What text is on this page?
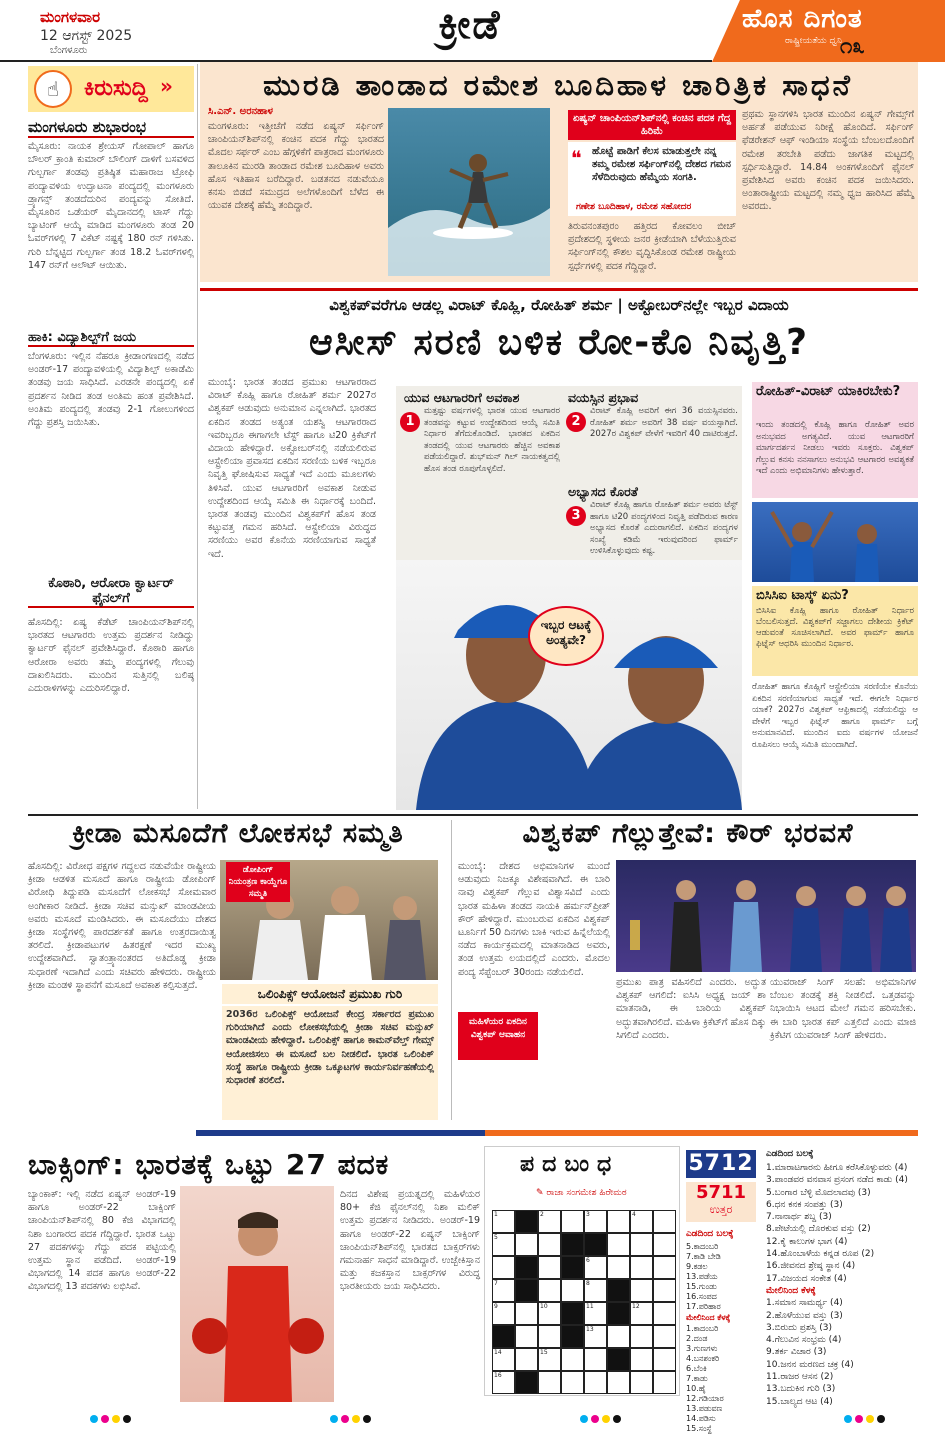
ಮಂಗಳವಾರ
12 ಆಗಸ್ಟ್ 2025
ಬೆಂಗಳೂರು
ಕ್ರೀಡೆ	ಹೊಸ ದಿಗಂತ
ರಾಷ್ಟ್ರೀಯತೆಯ ಧ್ವನಿ
೧೩
☝	ಕಿರುಸುದ್ದಿ »
ಮಂಗಳೂರು ಶುಭಾರಂಭ
ಮೈಸೂರು: ನಾಯಕ ಶ್ರೇಯಸ್ ಗೋಪಾಲ್ ಹಾಗೂ ಬೌಲರ್ ಕ್ರಾಂತಿ ಕುಮಾರ್ ಬೌಲಿಂಗ್ ದಾಳಿಗೆ ಬಸವಳಿದ ಗುಲ್ಬರ್ಗಾ ತಂಡವು ಪ್ರತಿಷ್ಠಿತ ಮಹಾರಾಜ ಟ್ರೋಫಿ ಪಂದ್ಯಾವಳಿಯ ಉದ್ಘಾಟನಾ ಪಂದ್ಯದಲ್ಲಿ ಮಂಗಳೂರು ಡ್ರ್ಯಾಗನ್ಸ್ ತಂಡದೆದುರಿನ ಪಂದ್ಯವನ್ನು ಸೋತಿದೆ. ಮೈಸೂರಿನ ಒಡೆಯರ್ ಮೈದಾನದಲ್ಲಿ ಟಾಸ್ ಗೆದ್ದು ಬ್ಯಾಟಿಂಗ್ ಆಯ್ಕೆ ಮಾಡಿದ ಮಂಗಳೂರು ತಂಡ 20 ಓವರ್‌ಗಳಲ್ಲಿ 7 ವಿಕೆಟ್ ನಷ್ಟಕ್ಕೆ 180 ರನ್ ಗಳಿಸಿತು. ಗುರಿ ಬೆನ್ನಟ್ಟಿದ ಗುಲ್ಬರ್ಗಾ ತಂಡ 18.2 ಓವರ್‌ಗಳಲ್ಲಿ 147 ರನ್‌ಗೆ ಆಲೌಟ್ ಆಯಿತು.
ಹಾಕಿ: ವಿದ್ಯಾಶಿಲ್ಪ್‌ಗೆ ಜಯ
ಬೆಂಗಳೂರು: ಇಲ್ಲಿನ ನೆಹರೂ ಕ್ರೀಡಾಂಗಣದಲ್ಲಿ ನಡೆದ ಅಂಡರ್-17 ಪಂದ್ಯಾವಳಿಯಲ್ಲಿ ವಿದ್ಯಾಶಿಲ್ಪ್ ಅಕಾಡೆಮಿ ತಂಡವು ಜಯ ಸಾಧಿಸಿದೆ. ಎರಡನೇ ಪಂದ್ಯದಲ್ಲಿ ಏಕೆ ಪ್ರದರ್ಶನ ನೀಡಿದ ತಂಡ ಅಂತಿಮ ಹಂತ ಪ್ರವೇಶಿಸಿದೆ. ಅಂತಿಮ ಪಂದ್ಯದಲ್ಲಿ ತಂಡವು 2-1 ಗೋಲುಗಳಿಂದ ಗೆದ್ದು ಪ್ರಶಸ್ತಿ ಜಯಿಸಿತು.
ಕೊಠಾರಿ, ಆರೋರಾ ಕ್ವಾರ್ಟರ್ ಫೈನಲ್‌ಗೆ
ಹೊಸದಿಲ್ಲಿ: ಏಷ್ಯ ಕೆಡೆಟ್ ಚಾಂಪಿಯನ್‌ಶಿಪ್‌ನಲ್ಲಿ ಭಾರತದ ಆಟಗಾರರು ಉತ್ತಮ ಪ್ರದರ್ಶನ ನೀಡಿದ್ದು ಕ್ವಾರ್ಟರ್ ಫೈನಲ್ ಪ್ರವೇಶಿಸಿದ್ದಾರೆ. ಕೊಠಾರಿ ಹಾಗೂ ಆರೋರಾ ಅವರು ತಮ್ಮ ಪಂದ್ಯಗಳಲ್ಲಿ ಗೆಲುವು ದಾಖಲಿಸಿದರು. ಮುಂದಿನ ಸುತ್ತಿನಲ್ಲಿ ಬಲಿಷ್ಠ ಎದುರಾಳಿಗಳನ್ನು ಎದುರಿಸಲಿದ್ದಾರೆ.
ಮುರಡಿ ತಾಂಡಾದ ರಮೇಶ ಬೂದಿಹಾಳ ಚಾರಿತ್ರಿಕ ಸಾಧನೆ
ಸಿ.ಎನ್. ಅರನಹಾಳ
ಮಂಗಳೂರು: ಇತ್ತೀಚೆಗೆ ನಡೆದ ಏಷ್ಯನ್ ಸರ್ಫಿಂಗ್ ಚಾಂಪಿಯನ್‌ಶಿಪ್‌ನಲ್ಲಿ ಕಂಚಿನ ಪದಕ ಗೆದ್ದು ಭಾರತದ ಮೊದಲ ಸರ್ಫರ್ ಎಂಬ ಹೆಗ್ಗಳಿಕೆಗೆ ಪಾತ್ರರಾದ ಮಂಗಳೂರು ತಾಲೂಕಿನ ಮುರಡಿ ತಾಂಡಾದ ರಮೇಶ ಬೂದಿಹಾಳ ಅವರು ಹೊಸ ಇತಿಹಾಸ ಬರೆದಿದ್ದಾರೆ. ಬಡತನದ ನಡುವೆಯೂ ಕನಸು ಬಿಡದೆ ಸಮುದ್ರದ ಅಲೆಗಳೊಂದಿಗೆ ಬೆಳೆದ ಈ ಯುವಕ ದೇಶಕ್ಕೆ ಹೆಮ್ಮೆ ತಂದಿದ್ದಾರೆ.
ಏಷ್ಯನ್ ಚಾಂಪಿಯನ್‌ಶಿಪ್‌ನಲ್ಲಿ ಕಂಚಿನ ಪದಕ ಗೆದ್ದ ಹಿರಿಮೆ
ಹೊಟ್ಟೆ ಪಾಡಿಗೆ ಕೆಲಸ ಮಾಡುತ್ತಲೇ ನನ್ನ ತಮ್ಮ ರಮೇಶ ಸರ್ಫಿಂಗ್‌ನಲ್ಲಿ ದೇಶದ ಗಮನ ಸೆಳೆದಿರುವುದು ಹೆಮ್ಮೆಯ ಸಂಗತಿ.
❝
ಗಣೇಶ ಬೂದಿಹಾಳ, ರಮೇಶ ಸಹೋದರ
ತಿರುವನಂತಪುರಂ ಹತ್ತಿರದ ಕೋವಲಂ ಬೀಚ್ ಪ್ರದೇಶದಲ್ಲಿ ಸ್ಥಳೀಯ ಜನರ ಕ್ರೀಡೆಯಾಗಿ ಬೆಳೆಯುತ್ತಿರುವ ಸರ್ಫಿಂಗ್‌ನಲ್ಲಿ ಕೌಶಲ ವೃದ್ಧಿಸಿಕೊಂಡ ರಮೇಶ ರಾಷ್ಟ್ರೀಯ ಸ್ಪರ್ಧೆಗಳಲ್ಲಿ ಪದಕ ಗೆದ್ದಿದ್ದಾರೆ.
ಪ್ರಥಮ ಸ್ಥಾನಗಳಿಸಿ ಭಾರತ ಮುಂದಿನ ಏಷ್ಯನ್ ಗೇಮ್ಸ್‌ಗೆ ಅರ್ಹತೆ ಪಡೆಯುವ ನಿರೀಕ್ಷೆ ಹೊಂದಿದೆ. ಸರ್ಫಿಂಗ್ ಫೆಡರೇಶನ್ ಆಫ್ ಇಂಡಿಯಾ ಸಂಸ್ಥೆಯ ಬೆಂಬಲದೊಂದಿಗೆ ರಮೇಶ ತರಬೇತಿ ಪಡೆದು ಜಾಗತಿಕ ಮಟ್ಟದಲ್ಲಿ ಸ್ಪರ್ಧಿಸುತ್ತಿದ್ದಾರೆ. 14.84 ಅಂಕಗಳೊಂದಿಗೆ ಫೈನಲ್ ಪ್ರವೇಶಿಸಿದ ಅವರು ಕಂಚಿನ ಪದಕ ಜಯಿಸಿದರು. ಅಂತಾರಾಷ್ಟ್ರೀಯ ಮಟ್ಟದಲ್ಲಿ ನಮ್ಮ ಧ್ವಜ ಹಾರಿಸಿದ ಹೆಮ್ಮೆ ಅವರದು.
ವಿಶ್ವಕಪ್‌ವರೆಗೂ ಆಡಲ್ಲ ವಿರಾಟ್ ಕೊಹ್ಲಿ, ರೋಹಿತ್ ಶರ್ಮ | ಅಕ್ಟೋಬರ್‌ನಲ್ಲೇ ಇಬ್ಬರ ವಿದಾಯ
ಆಸೀಸ್ ಸರಣಿ ಬಳಿಕ ರೋ-ಕೊ ನಿವೃತ್ತಿ?
ಮುಂಬೈ: ಭಾರತ ತಂಡದ ಪ್ರಮುಖ ಆಟಗಾರರಾದ ವಿರಾಟ್ ಕೊಹ್ಲಿ ಹಾಗೂ ರೋಹಿತ್ ಶರ್ಮ 2027ರ ವಿಶ್ವಕಪ್ ಆಡುವುದು ಅನುಮಾನ ಎನ್ನಲಾಗಿದೆ. ಭಾರತದ ಏಕದಿನ ತಂಡದ ಅತ್ಯಂತ ಯಶಸ್ವಿ ಆಟಗಾರರಾದ ಇವರಿಬ್ಬರೂ ಈಗಾಗಲೇ ಟೆಸ್ಟ್ ಹಾಗೂ ಟಿ20 ಕ್ರಿಕೆಟ್‌ಗೆ ವಿದಾಯ ಹೇಳಿದ್ದಾರೆ. ಅಕ್ಟೋಬರ್‌ನಲ್ಲಿ ನಡೆಯಲಿರುವ ಆಸ್ಟ್ರೇಲಿಯಾ ಪ್ರವಾಸದ ಏಕದಿನ ಸರಣಿಯ ಬಳಿಕ ಇಬ್ಬರೂ ನಿವೃತ್ತಿ ಘೋಷಿಸುವ ಸಾಧ್ಯತೆ ಇದೆ ಎಂದು ಮೂಲಗಳು ತಿಳಿಸಿವೆ. ಯುವ ಆಟಗಾರರಿಗೆ ಅವಕಾಶ ನೀಡುವ ಉದ್ದೇಶದಿಂದ ಆಯ್ಕೆ ಸಮಿತಿ ಈ ನಿರ್ಧಾರಕ್ಕೆ ಬಂದಿದೆ. ಭಾರತ ತಂಡವು ಮುಂದಿನ ವಿಶ್ವಕಪ್‌ಗೆ ಹೊಸ ತಂಡ ಕಟ್ಟುವತ್ತ ಗಮನ ಹರಿಸಿದೆ. ಆಸ್ಟ್ರೇಲಿಯಾ ವಿರುದ್ಧದ ಸರಣಿಯು ಅವರ ಕೊನೆಯ ಸರಣಿಯಾಗುವ ಸಾಧ್ಯತೆ ಇದೆ.
ಯುವ ಆಟಗಾರರಿಗೆ ಅವಕಾಶ
1
ಮತ್ತಷ್ಟು ವರ್ಷಗಳಲ್ಲಿ ಭಾರತ ಯುವ ಆಟಗಾರರ ತಂಡವನ್ನು ಕಟ್ಟುವ ಉದ್ದೇಶದಿಂದ ಆಯ್ಕೆ ಸಮಿತಿ ನಿರ್ಧಾರ ತೆಗೆದುಕೊಂಡಿದೆ. ಭಾರತದ ಏಕದಿನ ತಂಡದಲ್ಲಿ ಯುವ ಆಟಗಾರರು ಹೆಚ್ಚಿನ ಅವಕಾಶ ಪಡೆಯಲಿದ್ದಾರೆ. ಶುಭ್‌ಮನ್ ಗಿಲ್ ನಾಯಕತ್ವದಲ್ಲಿ ಹೊಸ ತಂಡ ರೂಪುಗೊಳ್ಳಲಿದೆ.
ವಯಸ್ಸಿನ ಪ್ರಭಾವ
2
ವಿರಾಟ್ ಕೊಹ್ಲಿ ಅವರಿಗೆ ಈಗ 36 ವಯಸ್ಸಿನವರು. ರೋಹಿತ್ ಶರ್ಮ ಅವರಿಗೆ 38 ವರ್ಷ ವಯಸ್ಸಾಗಿದೆ. 2027ರ ವಿಶ್ವಕಪ್ ವೇಳೆಗೆ ಇವರಿಗೆ 40 ದಾಟಿರುತ್ತದೆ.
ಅಭ್ಯಾಸದ ಕೊರತೆ
3
ವಿರಾಟ್ ಕೊಹ್ಲಿ ಹಾಗೂ ರೋಹಿತ್ ಶರ್ಮ ಅವರು ಟೆಸ್ಟ್ ಹಾಗೂ ಟಿ20 ಪಂದ್ಯಗಳಿಂದ ನಿವೃತ್ತಿ ಪಡೆದಿರುವ ಕಾರಣ ಅಭ್ಯಾಸದ ಕೊರತೆ ಎದುರಾಗಲಿದೆ. ಏಕದಿನ ಪಂದ್ಯಗಳ ಸಂಖ್ಯೆ ಕಡಿಮೆ ಇರುವುದರಿಂದ ಫಾರ್ಮ್ ಉಳಿಸಿಕೊಳ್ಳುವುದು ಕಷ್ಟ.
ಇಬ್ಬರ ಆಟಕ್ಕೆ ಅಂತ್ಯವೇ?
ರೋಹಿತ್-ವಿರಾಟ್ ಯಾಕಿರಬೇಕು?
ಇಂದು ತಂಡದಲ್ಲಿ ಕೊಹ್ಲಿ ಹಾಗೂ ರೋಹಿತ್ ಅವರ ಅನುಭವದ ಅಗತ್ಯವಿದೆ. ಯುವ ಆಟಗಾರರಿಗೆ ಮಾರ್ಗದರ್ಶನ ನೀಡಲು ಇವರು ಸೂಕ್ತರು. ವಿಶ್ವಕಪ್ ಗೆಲ್ಲುವ ಕನಸು ನನಸಾಗಲು ಅನುಭವಿ ಆಟಗಾರರ ಅವಶ್ಯಕತೆ ಇದೆ ಎಂದು ಅಭಿಮಾನಿಗಳು ಹೇಳುತ್ತಾರೆ.
ಬಿಸಿಸಿಐ ಟಾಸ್ಕ್ ಏನು?
ಬಿಸಿಸಿಐ ಕೊಹ್ಲಿ ಹಾಗೂ ರೋಹಿತ್ ನಿರ್ಧಾರ ಬೆಂಬಲಿಸುತ್ತದೆ. ವಿಶ್ವಕಪ್‌ಗೆ ಸಜ್ಜಾಗಲು ದೇಶೀಯ ಕ್ರಿಕೆಟ್ ಆಡುವಂತೆ ಸೂಚಿಸಲಾಗಿದೆ. ಅವರ ಫಾರ್ಮ್ ಹಾಗೂ ಫಿಟ್ನೆಸ್ ಆಧರಿಸಿ ಮುಂದಿನ ನಿರ್ಧಾರ.
ರೋಹಿತ್ ಹಾಗೂ ಕೊಹ್ಲಿಗೆ ಆಸ್ಟ್ರೇಲಿಯಾ ಸರಣಿಯೇ ಕೊನೆಯ ಏಕದಿನ ಸರಣಿಯಾಗುವ ಸಾಧ್ಯತೆ ಇದೆ. ಈಗಲೇ ನಿರ್ಧಾರ ಯಾಕೆ? 2027ರ ವಿಶ್ವಕಪ್ ಆಫ್ರಿಕಾದಲ್ಲಿ ನಡೆಯಲಿದ್ದು ಆ ವೇಳೆಗೆ ಇಬ್ಬರ ಫಿಟ್ನೆಸ್ ಹಾಗೂ ಫಾರ್ಮ್ ಬಗ್ಗೆ ಅನುಮಾನವಿದೆ. ಮುಂದಿನ ಐದು ವರ್ಷಗಳ ಯೋಜನೆ ರೂಪಿಸಲು ಆಯ್ಕೆ ಸಮಿತಿ ಮುಂದಾಗಿದೆ.
ಕ್ರೀಡಾ ಮಸೂದೆಗೆ ಲೋಕಸಭೆ ಸಮ್ಮತಿ
ಹೊಸದಿಲ್ಲಿ: ವಿರೋಧ ಪಕ್ಷಗಳ ಗದ್ದಲದ ನಡುವೆಯೇ ರಾಷ್ಟ್ರೀಯ ಕ್ರೀಡಾ ಆಡಳಿತ ಮಸೂದೆ ಹಾಗೂ ರಾಷ್ಟ್ರೀಯ ಡೋಪಿಂಗ್ ವಿರೋಧಿ ತಿದ್ದುಪಡಿ ಮಸೂದೆಗೆ ಲೋಕಸಭೆ ಸೋಮವಾರ ಅಂಗೀಕಾರ ನೀಡಿದೆ. ಕ್ರೀಡಾ ಸಚಿವ ಮನ್ಸುಖ್ ಮಾಂಡವೀಯ ಅವರು ಮಸೂದೆ ಮಂಡಿಸಿದರು. ಈ ಮಸೂದೆಯು ದೇಶದ ಕ್ರೀಡಾ ಸಂಸ್ಥೆಗಳಲ್ಲಿ ಪಾರದರ್ಶಕತೆ ಹಾಗೂ ಉತ್ತರದಾಯಿತ್ವ ತರಲಿದೆ. ಕ್ರೀಡಾಪಟುಗಳ ಹಿತರಕ್ಷಣೆ ಇದರ ಮುಖ್ಯ ಉದ್ದೇಶವಾಗಿದೆ. ಸ್ವಾತಂತ್ರ್ಯಾನಂತರದ ಅತಿದೊಡ್ಡ ಕ್ರೀಡಾ ಸುಧಾರಣೆ ಇದಾಗಿದೆ ಎಂದು ಸಚಿವರು ಹೇಳಿದರು. ರಾಷ್ಟ್ರೀಯ ಕ್ರೀಡಾ ಮಂಡಳಿ ಸ್ಥಾಪನೆಗೆ ಮಸೂದೆ ಅವಕಾಶ ಕಲ್ಪಿಸುತ್ತದೆ.
ಡೋಪಿಂಗ್ ನಿಯಂತ್ರಣ ಕಾಯ್ದೆಗೂ ಸಮ್ಮತಿ
ಒಲಿಂಪಿಕ್ಸ್ ಆಯೋಜನೆ ಪ್ರಮುಖ ಗುರಿ
2036ರ ಒಲಿಂಪಿಕ್ಸ್ ಆಯೋಜನೆ ಕೇಂದ್ರ ಸರ್ಕಾರದ ಪ್ರಮುಖ ಗುರಿಯಾಗಿದೆ ಎಂದು ಲೋಕಸಭೆಯಲ್ಲಿ ಕ್ರೀಡಾ ಸಚಿವ ಮನ್ಸುಖ್ ಮಾಂಡವೀಯ ಹೇಳಿದ್ದಾರೆ. ಒಲಿಂಪಿಕ್ಸ್ ಹಾಗೂ ಕಾಮನ್‌ವೆಲ್ತ್ ಗೇಮ್ಸ್ ಆಯೋಜಿಸಲು ಈ ಮಸೂದೆ ಬಲ ನೀಡಲಿದೆ. ಭಾರತ ಒಲಿಂಪಿಕ್ ಸಂಸ್ಥೆ ಹಾಗೂ ರಾಷ್ಟ್ರೀಯ ಕ್ರೀಡಾ ಒಕ್ಕೂಟಗಳ ಕಾರ್ಯನಿರ್ವಹಣೆಯಲ್ಲಿ ಸುಧಾರಣೆ ತರಲಿದೆ.
ವಿಶ್ವಕಪ್ ಗೆಲ್ಲುತ್ತೇವೆ: ಕೌರ್ ಭರವಸೆ
ಮುಂಬೈ: ದೇಶದ ಅಭಿಮಾನಿಗಳ ಮುಂದೆ ಆಡುವುದು ನಿಜಕ್ಕೂ ವಿಶೇಷವಾಗಿದೆ. ಈ ಬಾರಿ ನಾವು ವಿಶ್ವಕಪ್ ಗೆಲ್ಲುವ ವಿಶ್ವಾಸವಿದೆ ಎಂದು ಭಾರತ ಮಹಿಳಾ ತಂಡದ ನಾಯಕಿ ಹರ್ಮನ್‌ಪ್ರೀತ್ ಕೌರ್ ಹೇಳಿದ್ದಾರೆ. ಮುಂಬರುವ ಏಕದಿನ ವಿಶ್ವಕಪ್ ಟೂರ್ನಿಗೆ 50 ದಿನಗಳು ಬಾಕಿ ಇರುವ ಹಿನ್ನೆಲೆಯಲ್ಲಿ ನಡೆದ ಕಾರ್ಯಕ್ರಮದಲ್ಲಿ ಮಾತನಾಡಿದ ಅವರು, ತಂಡ ಉತ್ತಮ ಲಯದಲ್ಲಿದೆ ಎಂದರು. ಮೊದಲ ಪಂದ್ಯ ಸೆಪ್ಟೆಂಬರ್ 30ರಂದು ನಡೆಯಲಿದೆ.
ಪ್ರಮುಖ ಪಾತ್ರ ವಹಿಸಲಿದೆ ಎಂದರು. ಅದ್ಭುತ ವಿಶ್ವಕಪ್ ಆಗಲಿದೆ: ಐಸಿಸಿ ಅಧ್ಯಕ್ಷ ಜಯ್ ಶಾ ಮಾತನಾಡಿ, ಈ ಬಾರಿಯ ವಿಶ್ವಕಪ್ ಅದ್ಭುತವಾಗಿರಲಿದೆ. ಮಹಿಳಾ ಕ್ರಿಕೆಟ್‌ಗೆ ಹೊಸ ದಿಕ್ಕು ಸಿಗಲಿದೆ ಎಂದರು.
ಮಹಿಳೆಯರ ಏಕದಿನ ವಿಶ್ವಕಪ್ ಆವಾಹನ
ಯುವರಾಜ್ ಸಿಂಗ್ ಸಲಹೆ: ಅಭಿಮಾನಿಗಳ ಬೆಂಬಲ ತಂಡಕ್ಕೆ ಶಕ್ತಿ ನೀಡಲಿದೆ. ಒತ್ತಡವನ್ನು ನಿಭಾಯಿಸಿ ಆಟದ ಮೇಲೆ ಗಮನ ಹರಿಸಬೇಕು. ಈ ಬಾರಿ ಭಾರತ ಕಪ್ ಎತ್ತಲಿದೆ ಎಂದು ಮಾಜಿ ಕ್ರಿಕೆಟಿಗ ಯುವರಾಜ್ ಸಿಂಗ್ ಹೇಳಿದರು.
ಬಾಕ್ಸಿಂಗ್: ಭಾರತಕ್ಕೆ ಒಟ್ಟು 27 ಪದಕ
ಬ್ಯಾಂಕಾಕ್: ಇಲ್ಲಿ ನಡೆದ ಏಷ್ಯನ್ ಅಂಡರ್-19 ಹಾಗೂ ಅಂಡರ್-22 ಬಾಕ್ಸಿಂಗ್ ಚಾಂಪಿಯನ್‌ಶಿಪ್‌ನಲ್ಲಿ 80 ಕೆಜಿ ವಿಭಾಗದಲ್ಲಿ ನಿಶಾ ಬಂಗಾರದ ಪದಕ ಗೆದ್ದಿದ್ದಾರೆ. ಭಾರತ ಒಟ್ಟು 27 ಪದಕಗಳನ್ನು ಗೆದ್ದು ಪದಕ ಪಟ್ಟಿಯಲ್ಲಿ ಉತ್ತಮ ಸ್ಥಾನ ಪಡೆದಿದೆ. ಅಂಡರ್-19 ವಿಭಾಗದಲ್ಲಿ 14 ಪದಕ ಹಾಗೂ ಅಂಡರ್-22 ವಿಭಾಗದಲ್ಲಿ 13 ಪದಕಗಳು ಲಭಿಸಿವೆ.
ದಿನದ ವಿಶೇಷ ಪ್ರಯತ್ನದಲ್ಲಿ ಮಹಿಳೆಯರ 80+ ಕೆಜಿ ಫೈನಲ್‌ನಲ್ಲಿ ನಿಶಾ ಮಲಿಕ್ ಉತ್ತಮ ಪ್ರದರ್ಶನ ನೀಡಿದರು. ಅಂಡರ್-19 ಹಾಗೂ ಅಂಡರ್-22 ಏಷ್ಯನ್ ಬಾಕ್ಸಿಂಗ್ ಚಾಂಪಿಯನ್‌ಶಿಪ್‌ನಲ್ಲಿ ಭಾರತದ ಬಾಕ್ಸರ್‌ಗಳು ಗಮನಾರ್ಹ ಸಾಧನೆ ಮಾಡಿದ್ದಾರೆ. ಉಜ್ಬೇಕಿಸ್ತಾನ ಮತ್ತು ಕಜಕಸ್ತಾನ ಬಾಕ್ಸರ್‌ಗಳ ವಿರುದ್ಧ ಭಾರತೀಯರು ಜಯ ಸಾಧಿಸಿದರು.
ಪದಬಂಧ
✎ ರಾಜಾ ಸಂಗಮೇಶ ಹಿರೇಮಠ
1	2	3	4
5
6
7	8
9	10	11	12
13
14	15
16
5712
5711
ಉತ್ತರ
ಎಡದಿಂದ ಬಲಕ್ಕೆ
5.ಕಾದಂಬರಿ
7.ಕಾಡಿ ಬೇಡಿ
9.ಕಡಲ
13.ಪಡೆಯ
15.ಗುಂಡು
16.ಸಂಪದ
17.ಪರಿಹಾರ
ಮೇಲಿನಿಂದ ಕೆಳಕ್ಕೆ
1.ಕಾದಂಬರಿ
2.ದಂಡ
3.ಗುಣಗಳು
4.ಬನಶಂಕರಿ
6.ಬೆಂಕಿ
7.ಕಾಡು
10.ಹೈ
12.ಗಡಿಯಾರ
13.ಪಡುವಣ
14.ಪಡಿಸು
15.ಸಂಸ್ಥೆ
ಎಡದಿಂದ ಬಲಕ್ಕೆ
1.ಮಾರಾಟಗಾರನು ಹೀಗೂ ಕರೆಸಿಕೊಳ್ಳುವರು (4)
3.ಪಾಂಡವರ ವನವಾಸ ಪ್ರಸಂಗ ನಡೆದ ಕಾಡು (4)
5.ಬಂಗಾರ ಬೆಳ್ಳಿ ಮೊದಲಾದವು (3)
6.ಧನ ಕನಕ ಸಂಪತ್ತು (3)
7.ನಾನಾರ್ಥ ಶಬ್ದ (3)
8.ಪೇಟೆಯಲ್ಲಿ ದೊರಕುವ ವಸ್ತು (2)
12.ಕೈ ಕಾಲುಗಳ ಭಾಗ (4)
14.ಹೊಂಬಾಳೆಯ ಕನ್ನಡ ರೂಪ (2)
16.ಜೀವನದ ಶ್ರೇಷ್ಠ ಸ್ಥಾನ (4)
17.ವಿಜಯದ ಸಂಕೇತ (4)
ಮೇಲಿನಿಂದ ಕೆಳಕ್ಕೆ
1.ಸಮಾನ ಸಾಮರ್ಥ್ಯ (4)
2.ಹೊಳೆಯುವ ವಸ್ತು (3)
3.ಬಿರುದು ಪ್ರಶಸ್ತಿ (3)
4.ಗೆಲುವಿನ ಸಂಭ್ರಮ (4)
9.ತರ್ಕ ವಿಚಾರ (3)
10.ಜನನ ಮರಣದ ಚಕ್ರ (4)
11.ರಾಜರ ಆಸನ (2)
13.ಬದುಕಿನ ಗುರಿ (3)
15.ಬಾಲ್ಯದ ಆಟ (4)
